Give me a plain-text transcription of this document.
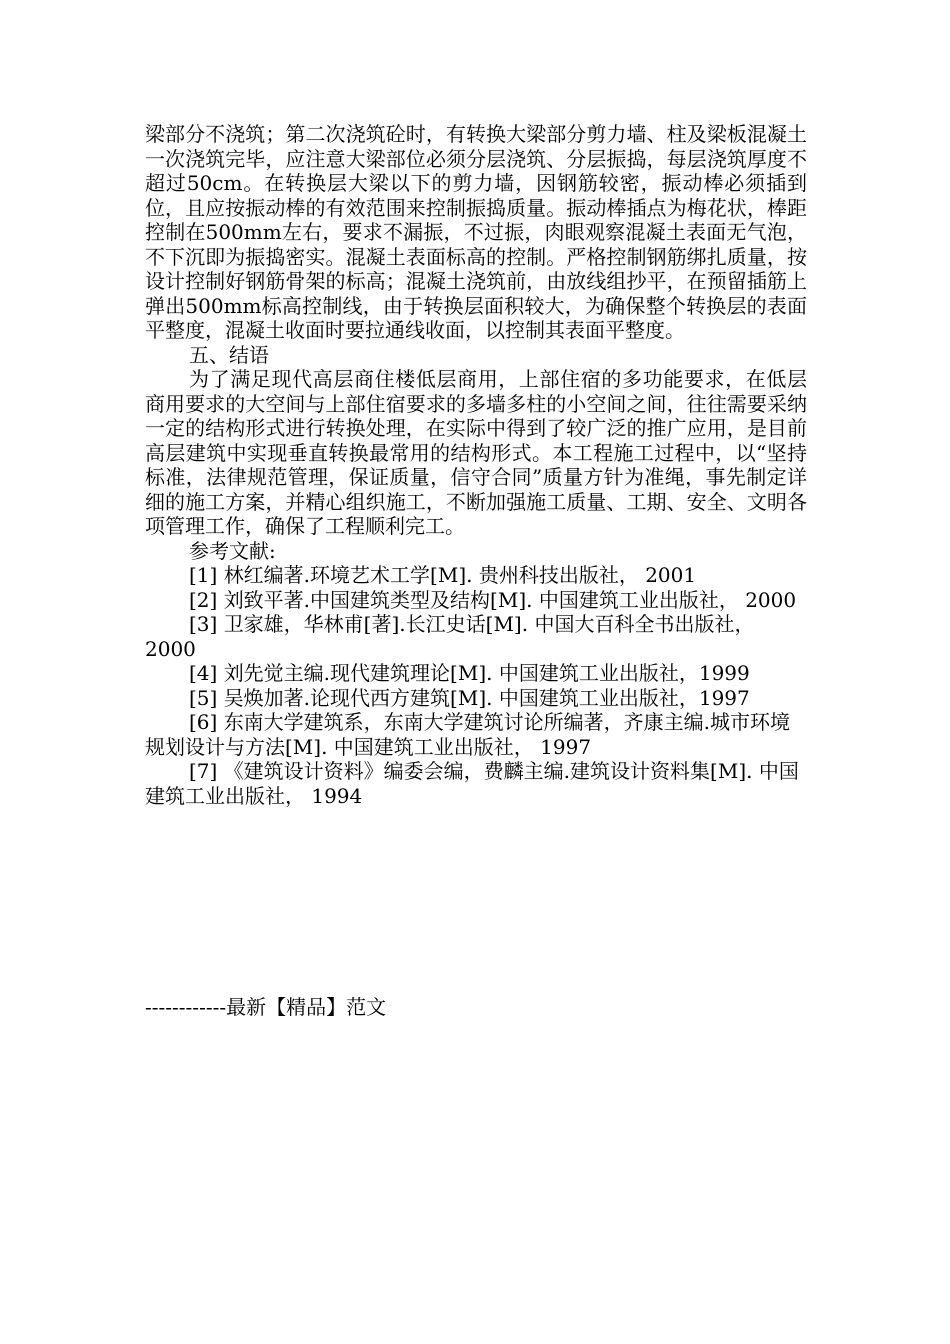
梁部分不浇筑；第二次浇筑砼时，有转换大梁部分剪力墙、柱及梁板混凝土一次浇筑完毕，应注意大梁部位必须分层浇筑、分层振捣，每层浇筑厚度不超过50cm。在转换层大梁以下的剪力墙，因钢筋较密，振动棒必须插到位，且应按振动棒的有效范围来控制振捣质量。振动棒插点为梅花状，棒距控制在500mm左右，要求不漏振，不过振，肉眼观察混凝土表面无气泡，不下沉即为振捣密实。混凝土表面标高的控制。严格控制钢筋绑扎质量，按设计控制好钢筋骨架的标高；混凝土浇筑前，由放线组抄平，在预留插筋上弹出500mm标高控制线，由于转换层面积较大，为确保整个转换层的表面平整度，混凝土收面时要拉通线收面，以控制其表面平整度。

五、结语

为了满足现代高层商住楼低层商用，上部住宿的多功能要求，在低层商用要求的大空间与上部住宿要求的多墙多柱的小空间之间，往往需要采纳一定的结构形式进行转换处理，在实际中得到了较广泛的推广应用，是目前高层建筑中实现垂直转换最常用的结构形式。本工程施工过程中，以“坚持标准，法律规范管理，保证质量，信守合同”质量方针为准绳，事先制定详细的施工方案，并精心组织施工，不断加强施工质量、工期、安全、文明各项管理工作，确保了工程顺利完工。

参考文献:

[1] 林红编著.环境艺术工学[M]. 贵州科技出版社， 2001

[2] 刘致平著.中国建筑类型及结构[M]. 中国建筑工业出版社， 2000

[3] 卫家雄，华林甫[著].长江史话[M]. 中国大百科全书出版社， 2000

[4] 刘先觉主编.现代建筑理论[M]. 中国建筑工业出版社，1999

[5] 吴焕加著.论现代西方建筑[M]. 中国建筑工业出版社，1997

[6] 东南大学建筑系，东南大学建筑讨论所编著，齐康主编.城市环境规划设计与方法[M]. 中国建筑工业出版社， 1997

[7] 《建筑设计资料》编委会编，费麟主编.建筑设计资料集[M]. 中国建筑工业出版社， 1994

------------最新【精品】范文
